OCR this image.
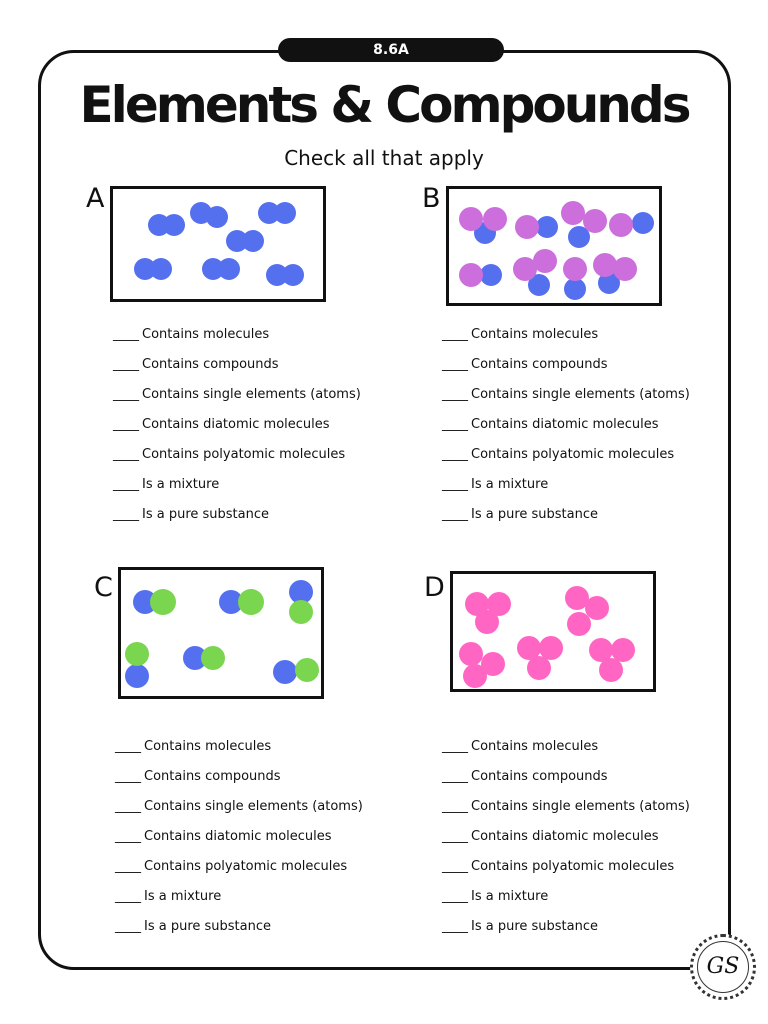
8.6A
Elements & Compounds
Check all that apply
A
____ Contains molecules
____ Contains compounds
____ Contains single elements (atoms)
____ Contains diatomic molecules
____ Contains polyatomic molecules
____ Is a mixture
____ Is a pure substance
B
____ Contains molecules
____ Contains compounds
____ Contains single elements (atoms)
____ Contains diatomic molecules
____ Contains polyatomic molecules
____ Is a mixture
____ Is a pure substance
C
____ Contains molecules
____ Contains compounds
____ Contains single elements (atoms)
____ Contains diatomic molecules
____ Contains polyatomic molecules
____ Is a mixture
____ Is a pure substance
D
____ Contains molecules
____ Contains compounds
____ Contains single elements (atoms)
____ Contains diatomic molecules
____ Contains polyatomic molecules
____ Is a mixture
____ Is a pure substance
GS
